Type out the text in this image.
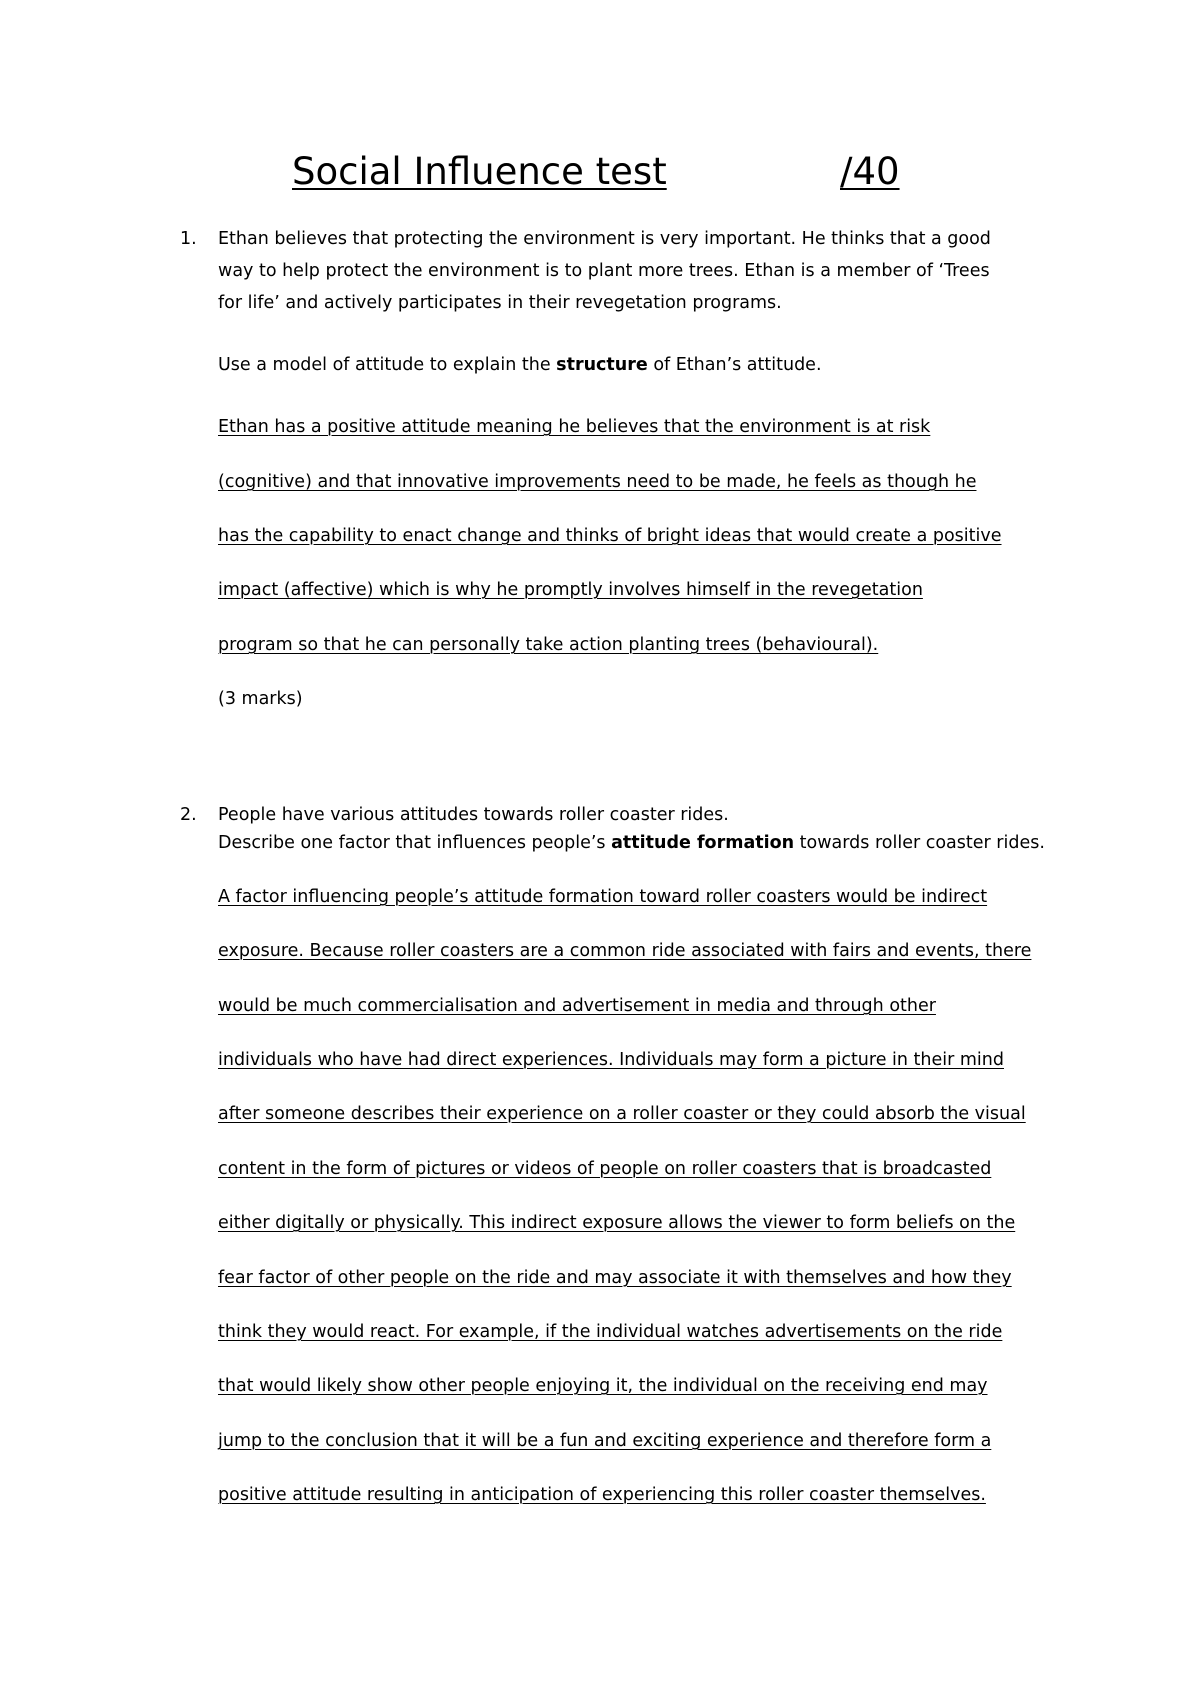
Social Influence test	/40
1. Ethan believes that protecting the environment is very important. He thinks that a good
way to help protect the environment is to plant more trees. Ethan is a member of ‘Trees
for life’ and actively participates in their revegetation programs.
Use a model of attitude to explain the structure of Ethan’s attitude.
Ethan has a positive attitude meaning he believes that the environment is at risk
(cognitive) and that innovative improvements need to be made, he feels as though he
has the capability to enact change and thinks of bright ideas that would create a positive
impact (affective) which is why he promptly involves himself in the revegetation
program so that he can personally take action planting trees (behavioural).
(3 marks)
2. People have various attitudes towards roller coaster rides.
Describe one factor that influences people’s attitude formation towards roller coaster rides.
A factor influencing people’s attitude formation toward roller coasters would be indirect
exposure. Because roller coasters are a common ride associated with fairs and events, there
would be much commercialisation and advertisement in media and through other
individuals who have had direct experiences. Individuals may form a picture in their mind
after someone describes their experience on a roller coaster or they could absorb the visual
content in the form of pictures or videos of people on roller coasters that is broadcasted
either digitally or physically. This indirect exposure allows the viewer to form beliefs on the
fear factor of other people on the ride and may associate it with themselves and how they
think they would react. For example, if the individual watches advertisements on the ride
that would likely show other people enjoying it, the individual on the receiving end may
jump to the conclusion that it will be a fun and exciting experience and therefore form a
positive attitude resulting in anticipation of experiencing this roller coaster themselves.
